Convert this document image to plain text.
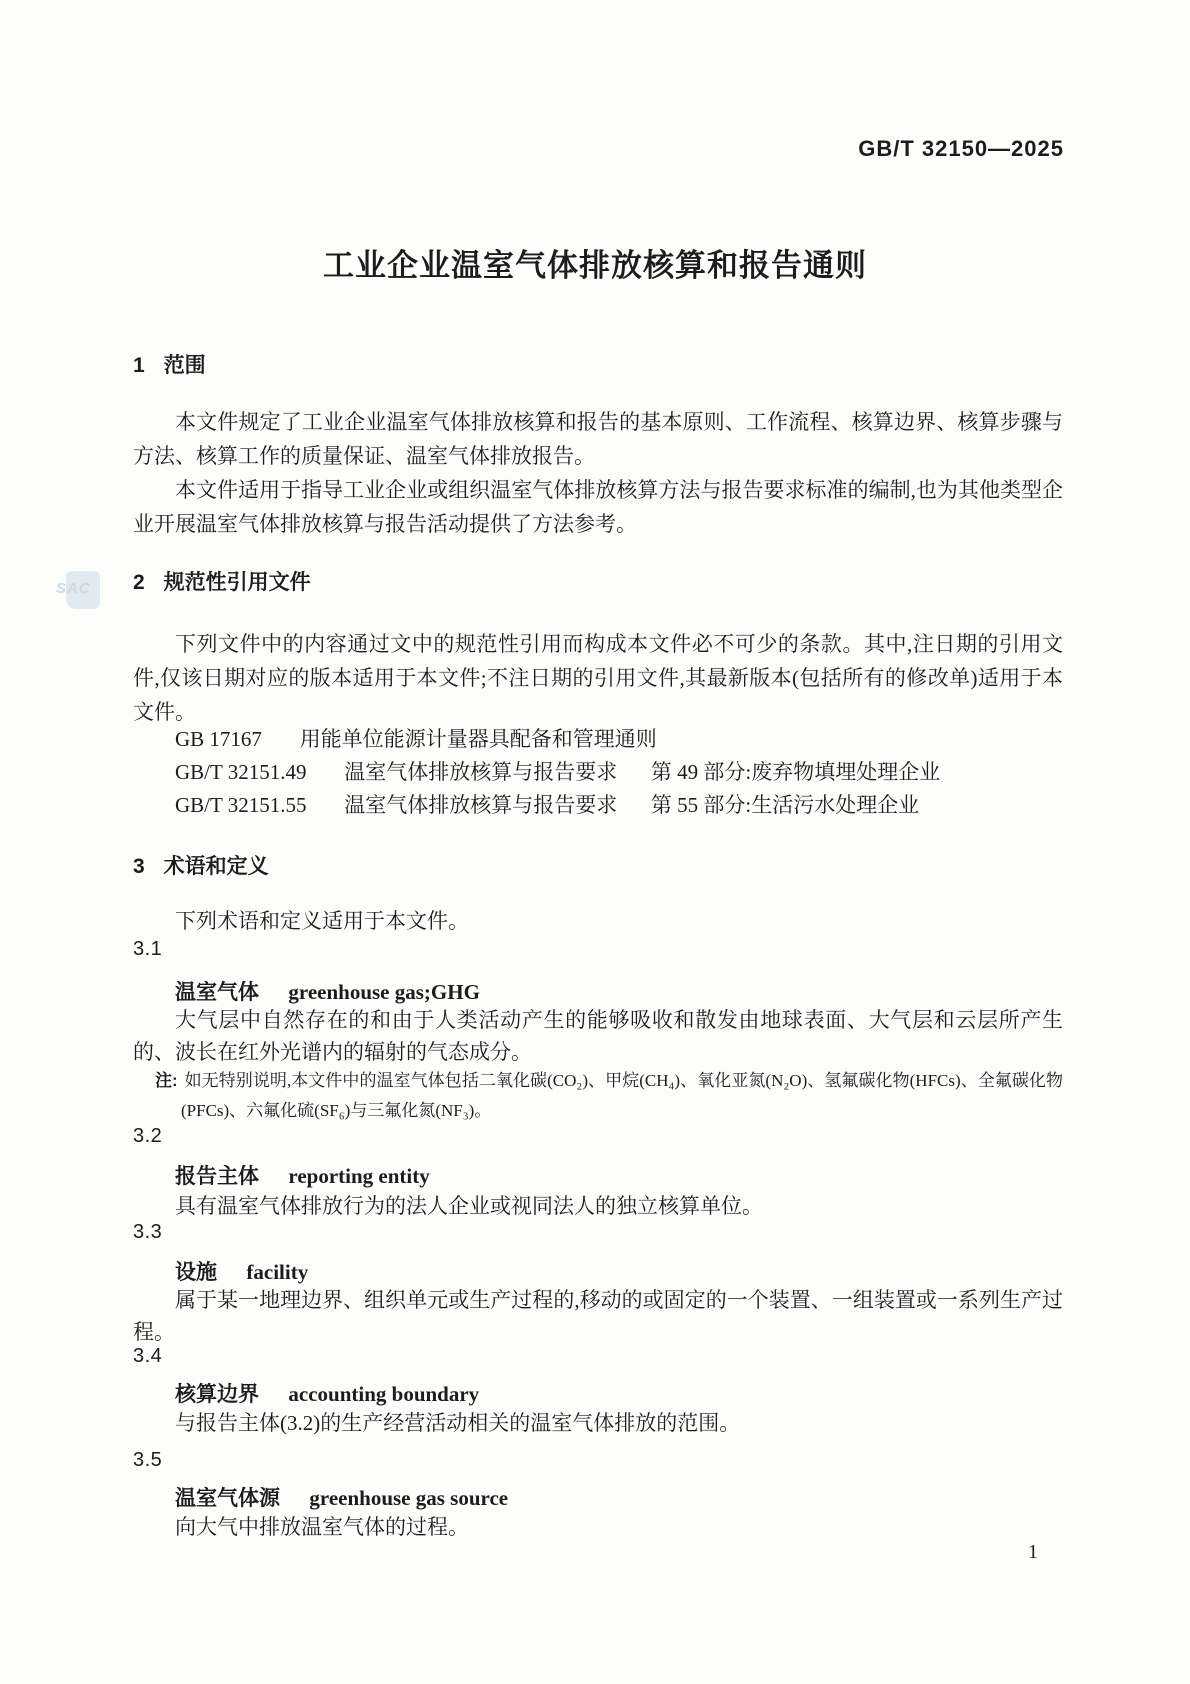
GB/T 32150—2025
SAC
工业企业温室气体排放核算和报告通则
1 范围

本文件规定了工业企业温室气体排放核算和报告的基本原则、工作流程、核算边界、核算步骤与方法、核算工作的质量保证、温室气体排放报告。

本文件适用于指导工业企业或组织温室气体排放核算方法与报告要求标准的编制,也为其他类型企业开展温室气体排放核算与报告活动提供了方法参考。

2 规范性引用文件

下列文件中的内容通过文中的规范性引用而构成本文件必不可少的条款。其中,注日期的引用文件,仅该日期对应的版本适用于本文件;不注日期的引用文件,其最新版本(包括所有的修改单)适用于本文件。

GB 17167 用能单位能源计量器具配备和管理通则
GB/T 32151.49 温室气体排放核算与报告要求 第 49 部分:废弃物填埋处理企业
GB/T 32151.55 温室气体排放核算与报告要求 第 55 部分:生活污水处理企业
3 术语和定义
下列术语和定义适用于本文件。
3.1
温室气体 greenhouse gas;GHG

大气层中自然存在的和由于人类活动产生的能够吸收和散发由地球表面、大气层和云层所产生的、波长在红外光谱内的辐射的气态成分。

注: 如无特别说明,本文件中的温室气体包括二氧化碳(CO₂)、甲烷(CH₄)、氧化亚氮(N₂O)、氢氟碳化物(HFCs)、全氟碳化物(PFCs)、六氟化硫(SF₆)与三氟化氮(NF₃)。
3.2
报告主体 reporting entity

具有温室气体排放行为的法人企业或视同法人的独立核算单位。

3.3
设施 facility

属于某一地理边界、组织单元或生产过程的,移动的或固定的一个装置、一组装置或一系列生产过程。

3.4
核算边界 accounting boundary

与报告主体(3.2)的生产经营活动相关的温室气体排放的范围。

3.5
温室气体源 greenhouse gas source

向大气中排放温室气体的过程。

1
